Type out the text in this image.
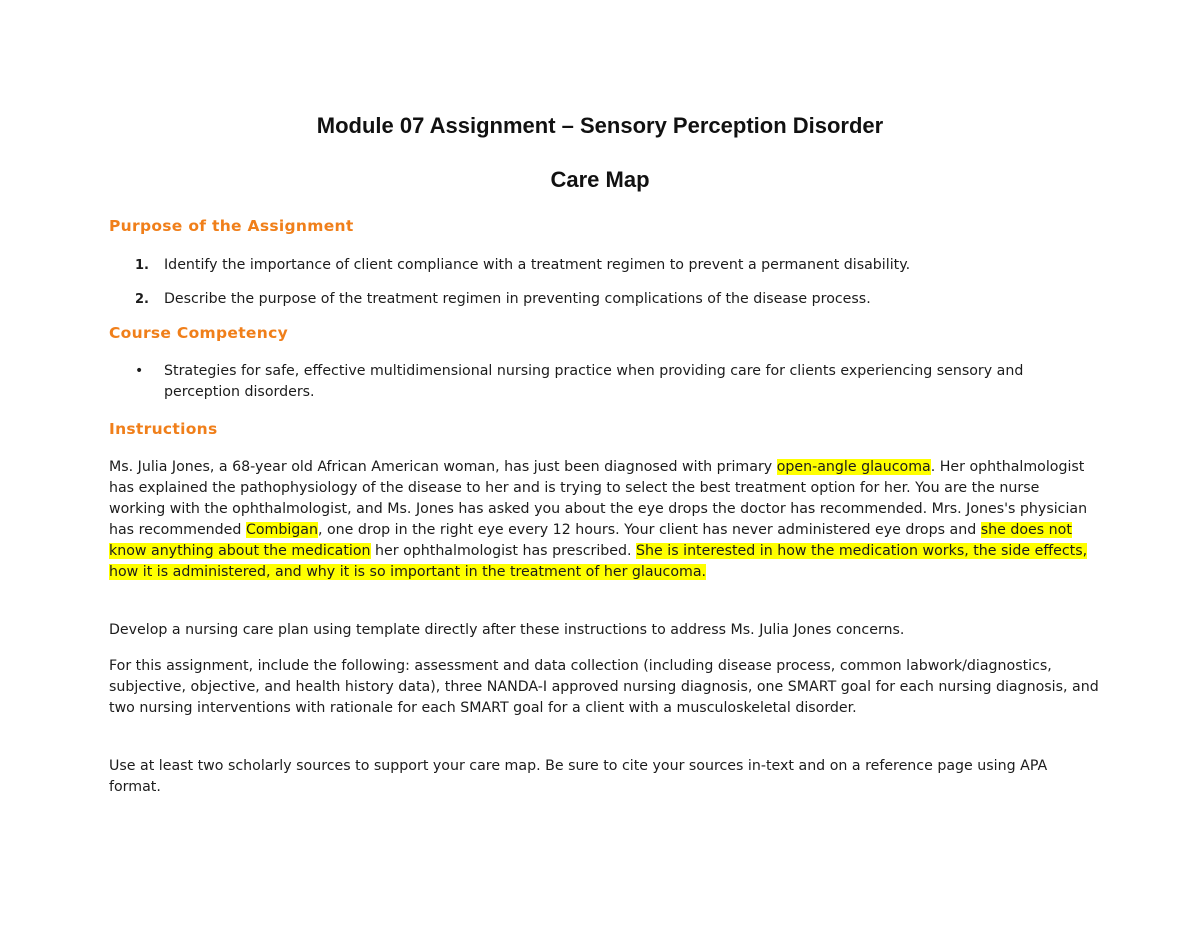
Module 07 Assignment – Sensory Perception Disorder
Care Map
Purpose of the Assignment
1.	Identify the importance of client compliance with a treatment regimen to prevent a permanent disability.
2.	Describe the purpose of the treatment regimen in preventing complications of the disease process.
Course Competency
•	Strategies for safe, effective multidimensional nursing practice when providing care for clients experiencing sensory and perception disorders.
Instructions

Ms. Julia Jones, a 68-year old African American woman, has just been diagnosed with primary open-angle glaucoma. Her ophthalmologist has explained the pathophysiology of the disease to her and is trying to select the best treatment option for her. You are the nurse working with the ophthalmologist, and Ms. Jones has asked you about the eye drops the doctor has recommended. Mrs. Jones's physician has recommended Combigan, one drop in the right eye every 12 hours. Your client has never administered eye drops and she does not know anything about the medication her ophthalmologist has prescribed. She is interested in how the medication works, the side effects, how it is administered, and why it is so important in the treatment of her glaucoma.

Develop a nursing care plan using template directly after these instructions to address Ms. Julia Jones concerns.

For this assignment, include the following: assessment and data collection (including disease process, common labwork/diagnostics, subjective, objective, and health history data), three NANDA-I approved nursing diagnosis, one SMART goal for each nursing diagnosis, and two nursing interventions with rationale for each SMART goal for a client with a musculoskeletal disorder.

Use at least two scholarly sources to support your care map. Be sure to cite your sources in-text and on a reference page using APA format.
